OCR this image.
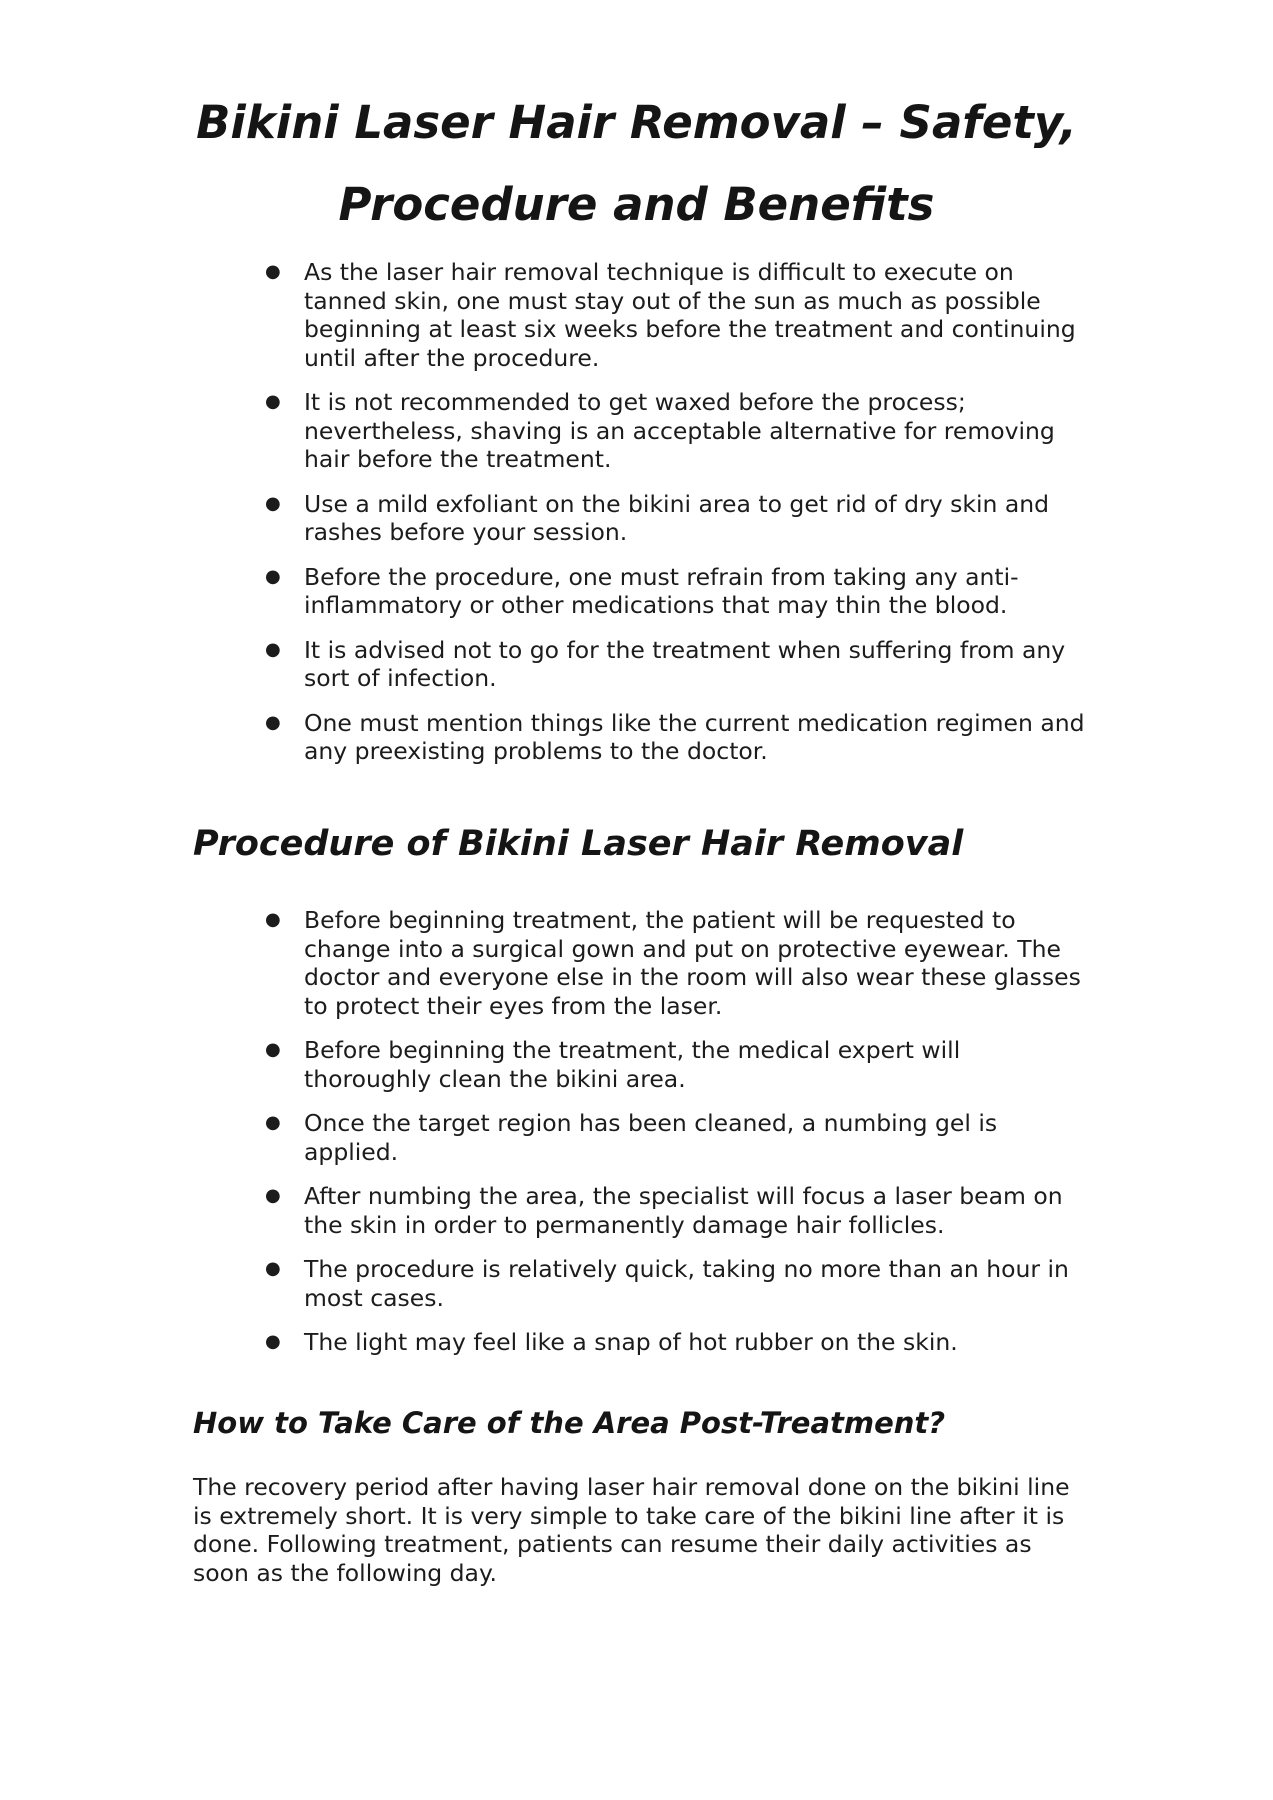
Bikini Laser Hair Removal – Safety, Procedure and Benefits
● As the laser hair removal technique is difficult to execute on tanned skin, one must stay out of the sun as much as possible beginning at least six weeks before the treatment and continuing until after the procedure.
● It is not recommended to get waxed before the process; nevertheless, shaving is an acceptable alternative for removing hair before the treatment.
● Use a mild exfoliant on the bikini area to get rid of dry skin and rashes before your session.
● Before the procedure, one must refrain from taking any anti-inflammatory or other medications that may thin the blood.
● It is advised not to go for the treatment when suffering from any sort of infection.
● One must mention things like the current medication regimen and any preexisting problems to the doctor.
Procedure of Bikini Laser Hair Removal
● Before beginning treatment, the patient will be requested to change into a surgical gown and put on protective eyewear. The doctor and everyone else in the room will also wear these glasses to protect their eyes from the laser.
● Before beginning the treatment, the medical expert will thoroughly clean the bikini area.
● Once the target region has been cleaned, a numbing gel is applied.
● After numbing the area, the specialist will focus a laser beam on the skin in order to permanently damage hair follicles.
● The procedure is relatively quick, taking no more than an hour in most cases.
● The light may feel like a snap of hot rubber on the skin.
How to Take Care of the Area Post-Treatment?

The recovery period after having laser hair removal done on the bikini line is extremely short. It is very simple to take care of the bikini line after it is done. Following treatment, patients can resume their daily activities as soon as the following day.
